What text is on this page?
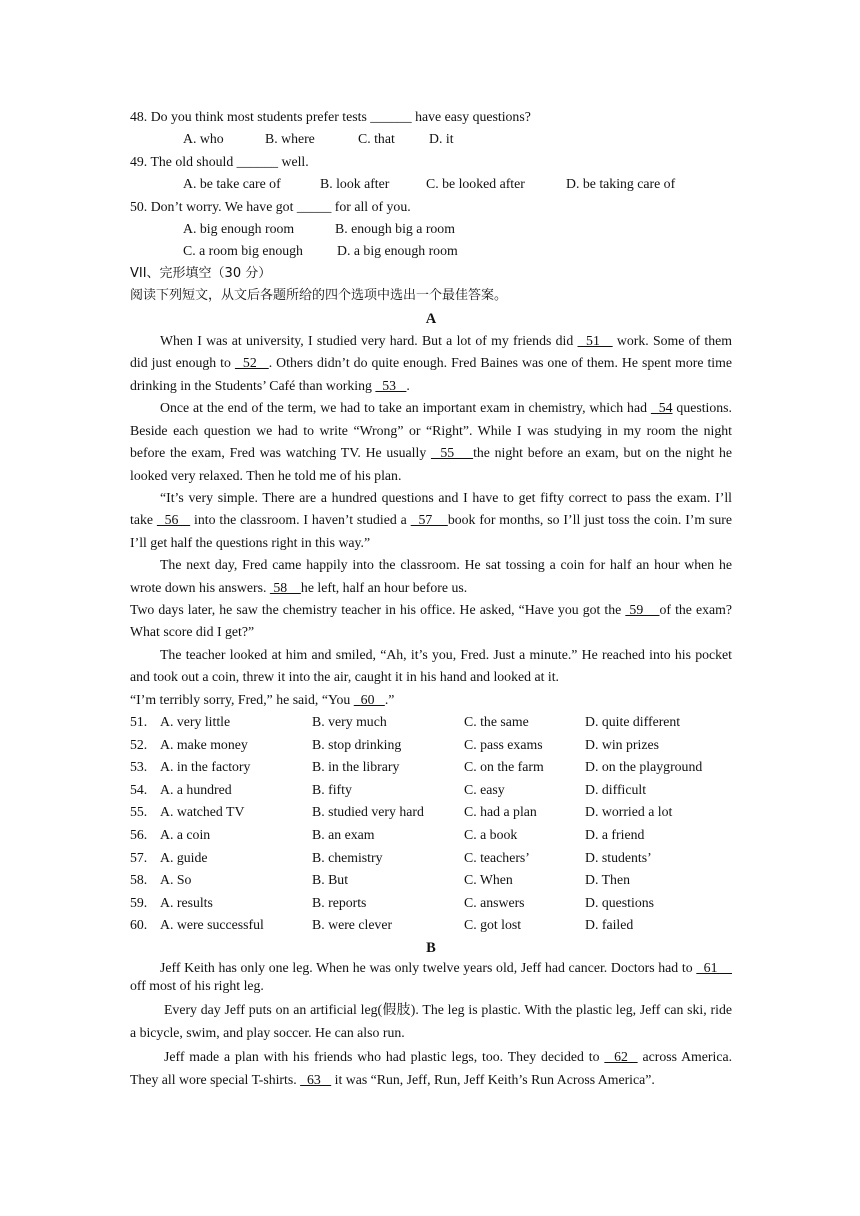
48. Do you think most students prefer tests ______ have easy questions?

A. who	B. where	C. that	D. it

49. The old should ______ well.

A. be take care of	B. look after	C. be looked after	D. be taking care of

50. Don’t worry. We have got _____ for all of you.

A. big enough room	B. enough big a room
C. a room big enough	D. a big enough room

VII、完形填空（30 分）

阅读下列短文，从文后各题所给的四个选项中选出一个最佳答案。

A

When I was at university, I studied very hard. But a lot of my friends did   51    work. Some of them did just enough to   52   . Others didn’t do quite enough. Fred Baines was one of them. He spent more time drinking in the Students’ Café than working   53   .

Once at the end of the term, we had to take an important exam in chemistry, which had   54 questions. Beside each question we had to write “Wrong” or “Right”. While I was studying in my room the night before the exam, Fred was watching TV. He usually   55    the night before an exam, but on the night he looked very relaxed. Then he told me of his plan.

“It’s very simple. There are a hundred questions and I have to get fifty correct to pass the exam. I’ll take   56    into the classroom. I haven’t studied a   57    book for months, so I’ll just toss the coin. I’m sure I’ll get half the questions right in this way.”

The next day, Fred came happily into the classroom. He sat tossing a coin for half an hour when he wrote down his answers.  58    he left, half an hour before us.

Two days later, he saw the chemistry teacher in his office. He asked, “Have you got the  59    of the exam? What score did I get?”

The teacher looked at him and smiled, “Ah, it’s you, Fred. Just a minute.” He reached into his pocket and took out a coin, threw it into the air, caught it in his hand and looked at it.

“I’m terribly sorry, Fred,” he said, “You   60   .”

51.	A. very little	B. very much	C. the same	D. quite different
52.	A. make money	B. stop drinking	C. pass exams	D. win prizes
53.	A. in the factory	B. in the library	C. on the farm	D. on the playground
54.	A. a hundred	B. fifty	C. easy	D. difficult
55.	A. watched TV	B. studied very hard	C. had a plan	D. worried a lot
56.	A. a coin	B. an exam	C. a book	D. a friend
57.	A. guide	B. chemistry	C. teachers’	D. students’
58.	A. So	B. But	C. When	D. Then
59.	A. results	B. reports	C. answers	D. questions
60.	A. were successful	B. were clever	C. got lost	D. failed

B

Jeff Keith has only one leg. When he was only twelve years old, Jeff had cancer. Doctors had to   61     off most of his right leg.

Every day Jeff puts on an artificial leg(假肢). The leg is plastic. With the plastic leg, Jeff can ski, ride a bicycle, swim, and play soccer. He can also run.

Jeff made a plan with his friends who had plastic legs, too. They decided to   62   across America. They all wore special T-shirts.   63    it was “Run, Jeff, Run, Jeff Keith’s Run Across America”.
